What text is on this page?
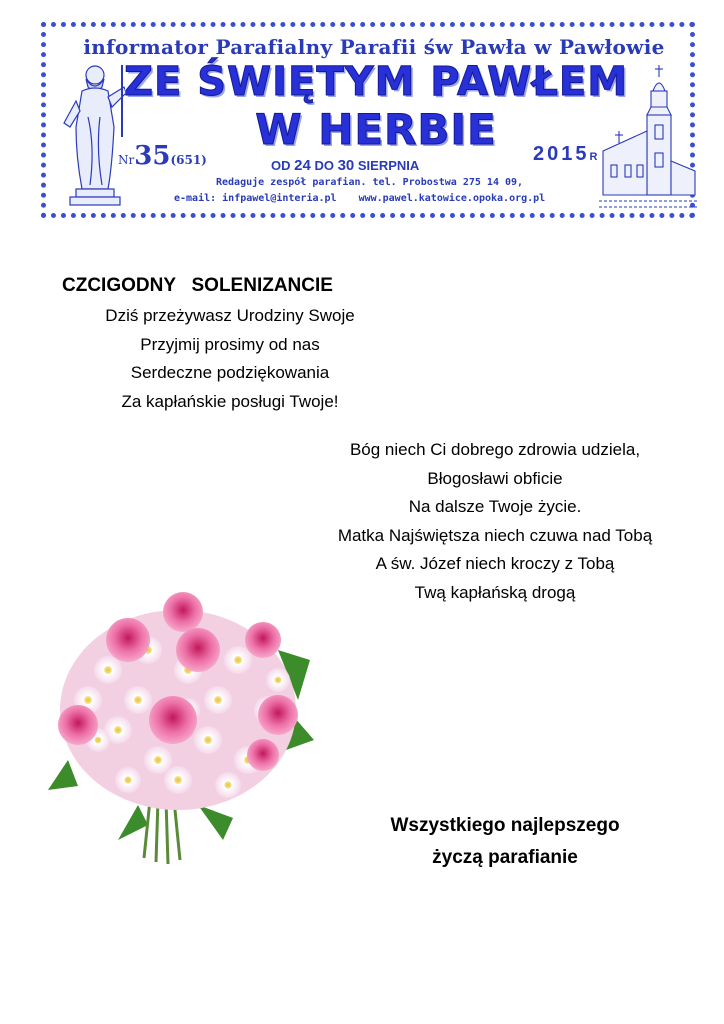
informator Parafialny Parafii św Pawła w Pawłowie
ZE ŚWIĘTYM PAWŁEM
W HERBIE
Nr35(651)	OD 24 DO 30 SIERPNIA
2015R
Redaguje zespół parafian. tel. Probostwa 275 14 09,
e-mail: infpawel@interia.pl www.pawel.katowice.opoka.org.pl
CZCIGODNY   SOLENIZANCIE
Dziś przeżywasz Urodziny Swoje
Przyjmij prosimy od nas
Serdeczne podziękowania
Za kapłańskie posługi Twoje!
Bóg niech Ci dobrego zdrowia udziela,
Błogosławi obficie
Na dalsze Twoje życie.
Matka Najświętsza niech czuwa nad Tobą
A św. Józef niech kroczy z Tobą
Twą kapłańską drogą
Wszystkiego najlepszego
życzą parafianie
